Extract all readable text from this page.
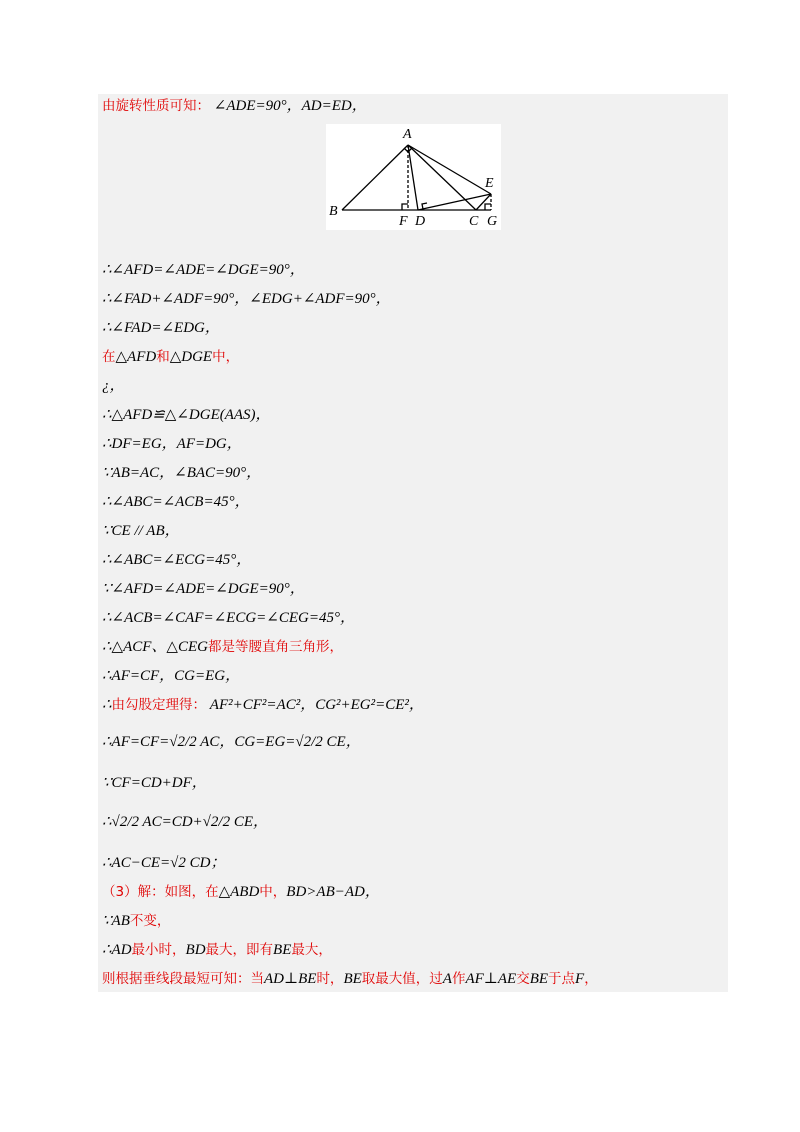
由旋转性质可知： ∠ADE=90°，AD=ED，
A
B
C
D
E
F	G
∴∠AFD=∠ADE=∠DGE=90°，
∴∠FAD+∠ADF=90°，∠EDG+∠ADF=90°，
∴∠FAD=∠EDG，
在△AFD和△DGE中，
¿，
∴△AFD≌△∠DGE(AAS)，
∴DF=EG，AF=DG，
∵AB=AC，∠BAC=90°，
∴∠ABC=∠ACB=45°，
∵CE // AB，
∴∠ABC=∠ECG=45°，
∵∠AFD=∠ADE=∠DGE=90°，
∴∠ACB=∠CAF=∠ECG=∠CEG=45°，
∴△ACF、△CEG都是等腰直角三角形，
∴AF=CF，CG=EG，
∴由勾股定理得： AF²+CF²=AC²，CG²+EG²=CE²，
∴AF=CF=√2/2 AC，CG=EG=√2/2 CE，
∵CF=CD+DF，
∴√2/2 AC=CD+√2/2 CE，
∴AC−CE=√2 CD；
（3）解：如图，在△ABD中，BD>AB−AD，
∵AB不变，
∴AD最小时，BD最大，即有BE最大，
则根据垂线段最短可知：当AD⊥BE时，BE取最大值，过A作AF⊥AE交BE于点F，
